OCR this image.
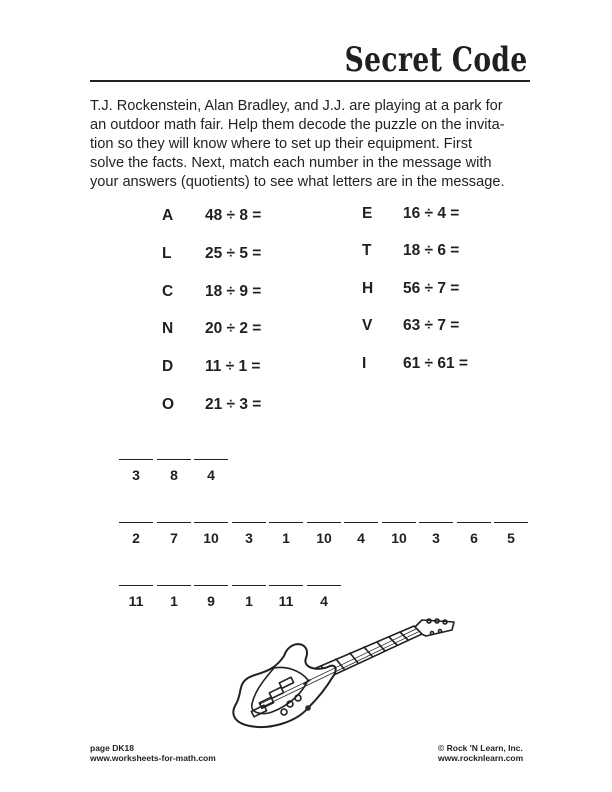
Secret Code

T.J. Rockenstein, Alan Bradley, and J.J. are playing at a park for
an outdoor math fair. Help them decode the puzzle on the invita-
tion so they will know where to set up their equipment. First
solve the facts. Next, match each number in the message with
your answers (quotients) to see what letters are in the message.

A 48 ÷ 8 =
L 25 ÷ 5 =
C 18 ÷ 9 =
N 20 ÷ 2 =
D 11 ÷ 1 =
O 21 ÷ 3 =
E 16 ÷ 4 =
T 18 ÷ 6 =
H 56 ÷ 7 =
V 63 ÷ 7 =
I 61 ÷ 61 =
3	8	4
2	7	10	3	1	10	4	10	3	6	5
11	1	9	1	11	4
page DK18
www.worksheets-for-math.com
© Rock 'N Learn, Inc.
www.rocknlearn.com
